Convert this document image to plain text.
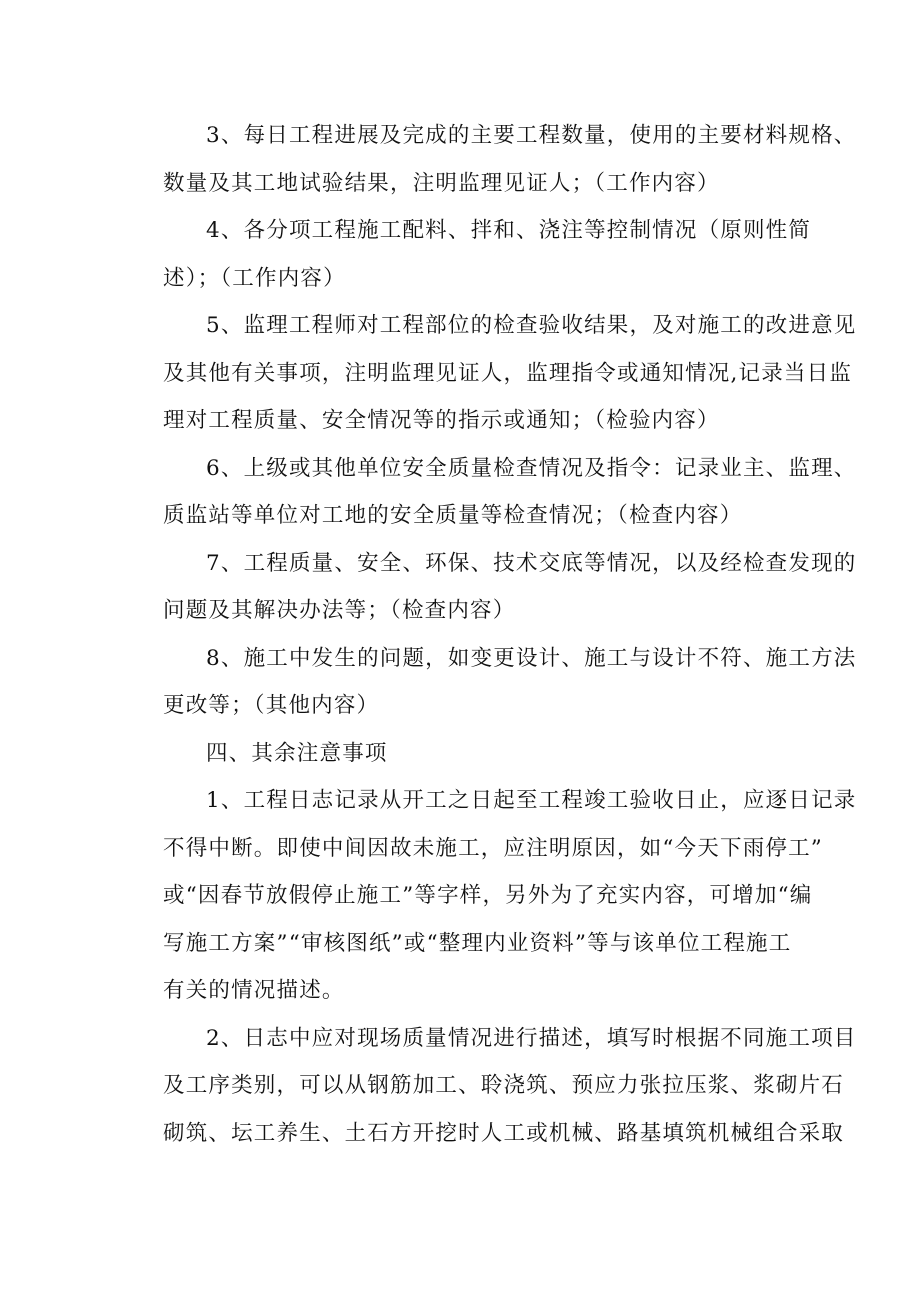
3、每日工程进展及完成的主要工程数量，使用的主要材料规格、
数量及其工地试验结果，注明监理见证人；（工作内容）
4、各分项工程施工配料、拌和、浇注等控制情况（原则性简
述）；（工作内容）
5、监理工程师对工程部位的检查验收结果，及对施工的改进意见
及其他有关事项，注明监理见证人，监理指令或通知情况,记录当日监
理对工程质量、安全情况等的指示或通知；（检验内容）
6、上级或其他单位安全质量检查情况及指令：记录业主、监理、
质监站等单位对工地的安全质量等检查情况；（检查内容）
7、工程质量、安全、环保、技术交底等情况，以及经检查发现的
问题及其解决办法等；（检查内容）
8、施工中发生的问题，如变更设计、施工与设计不符、施工方法
更改等；（其他内容）
四、其余注意事项
1、工程日志记录从开工之日起至工程竣工验收日止，应逐日记录
不得中断。即使中间因故未施工，应注明原因，如“今天下雨停工”
或“因春节放假停止施工”等字样，另外为了充实内容，可增加“编
写施工方案”“审核图纸”或“整理内业资料”等与该单位工程施工
有关的情况描述。
2、日志中应对现场质量情况进行描述，填写时根据不同施工项目
及工序类别，可以从钢筋加工、聆浇筑、预应力张拉压浆、浆砌片石
砌筑、坛工养生、土石方开挖时人工或机械、路基填筑机械组合采取
